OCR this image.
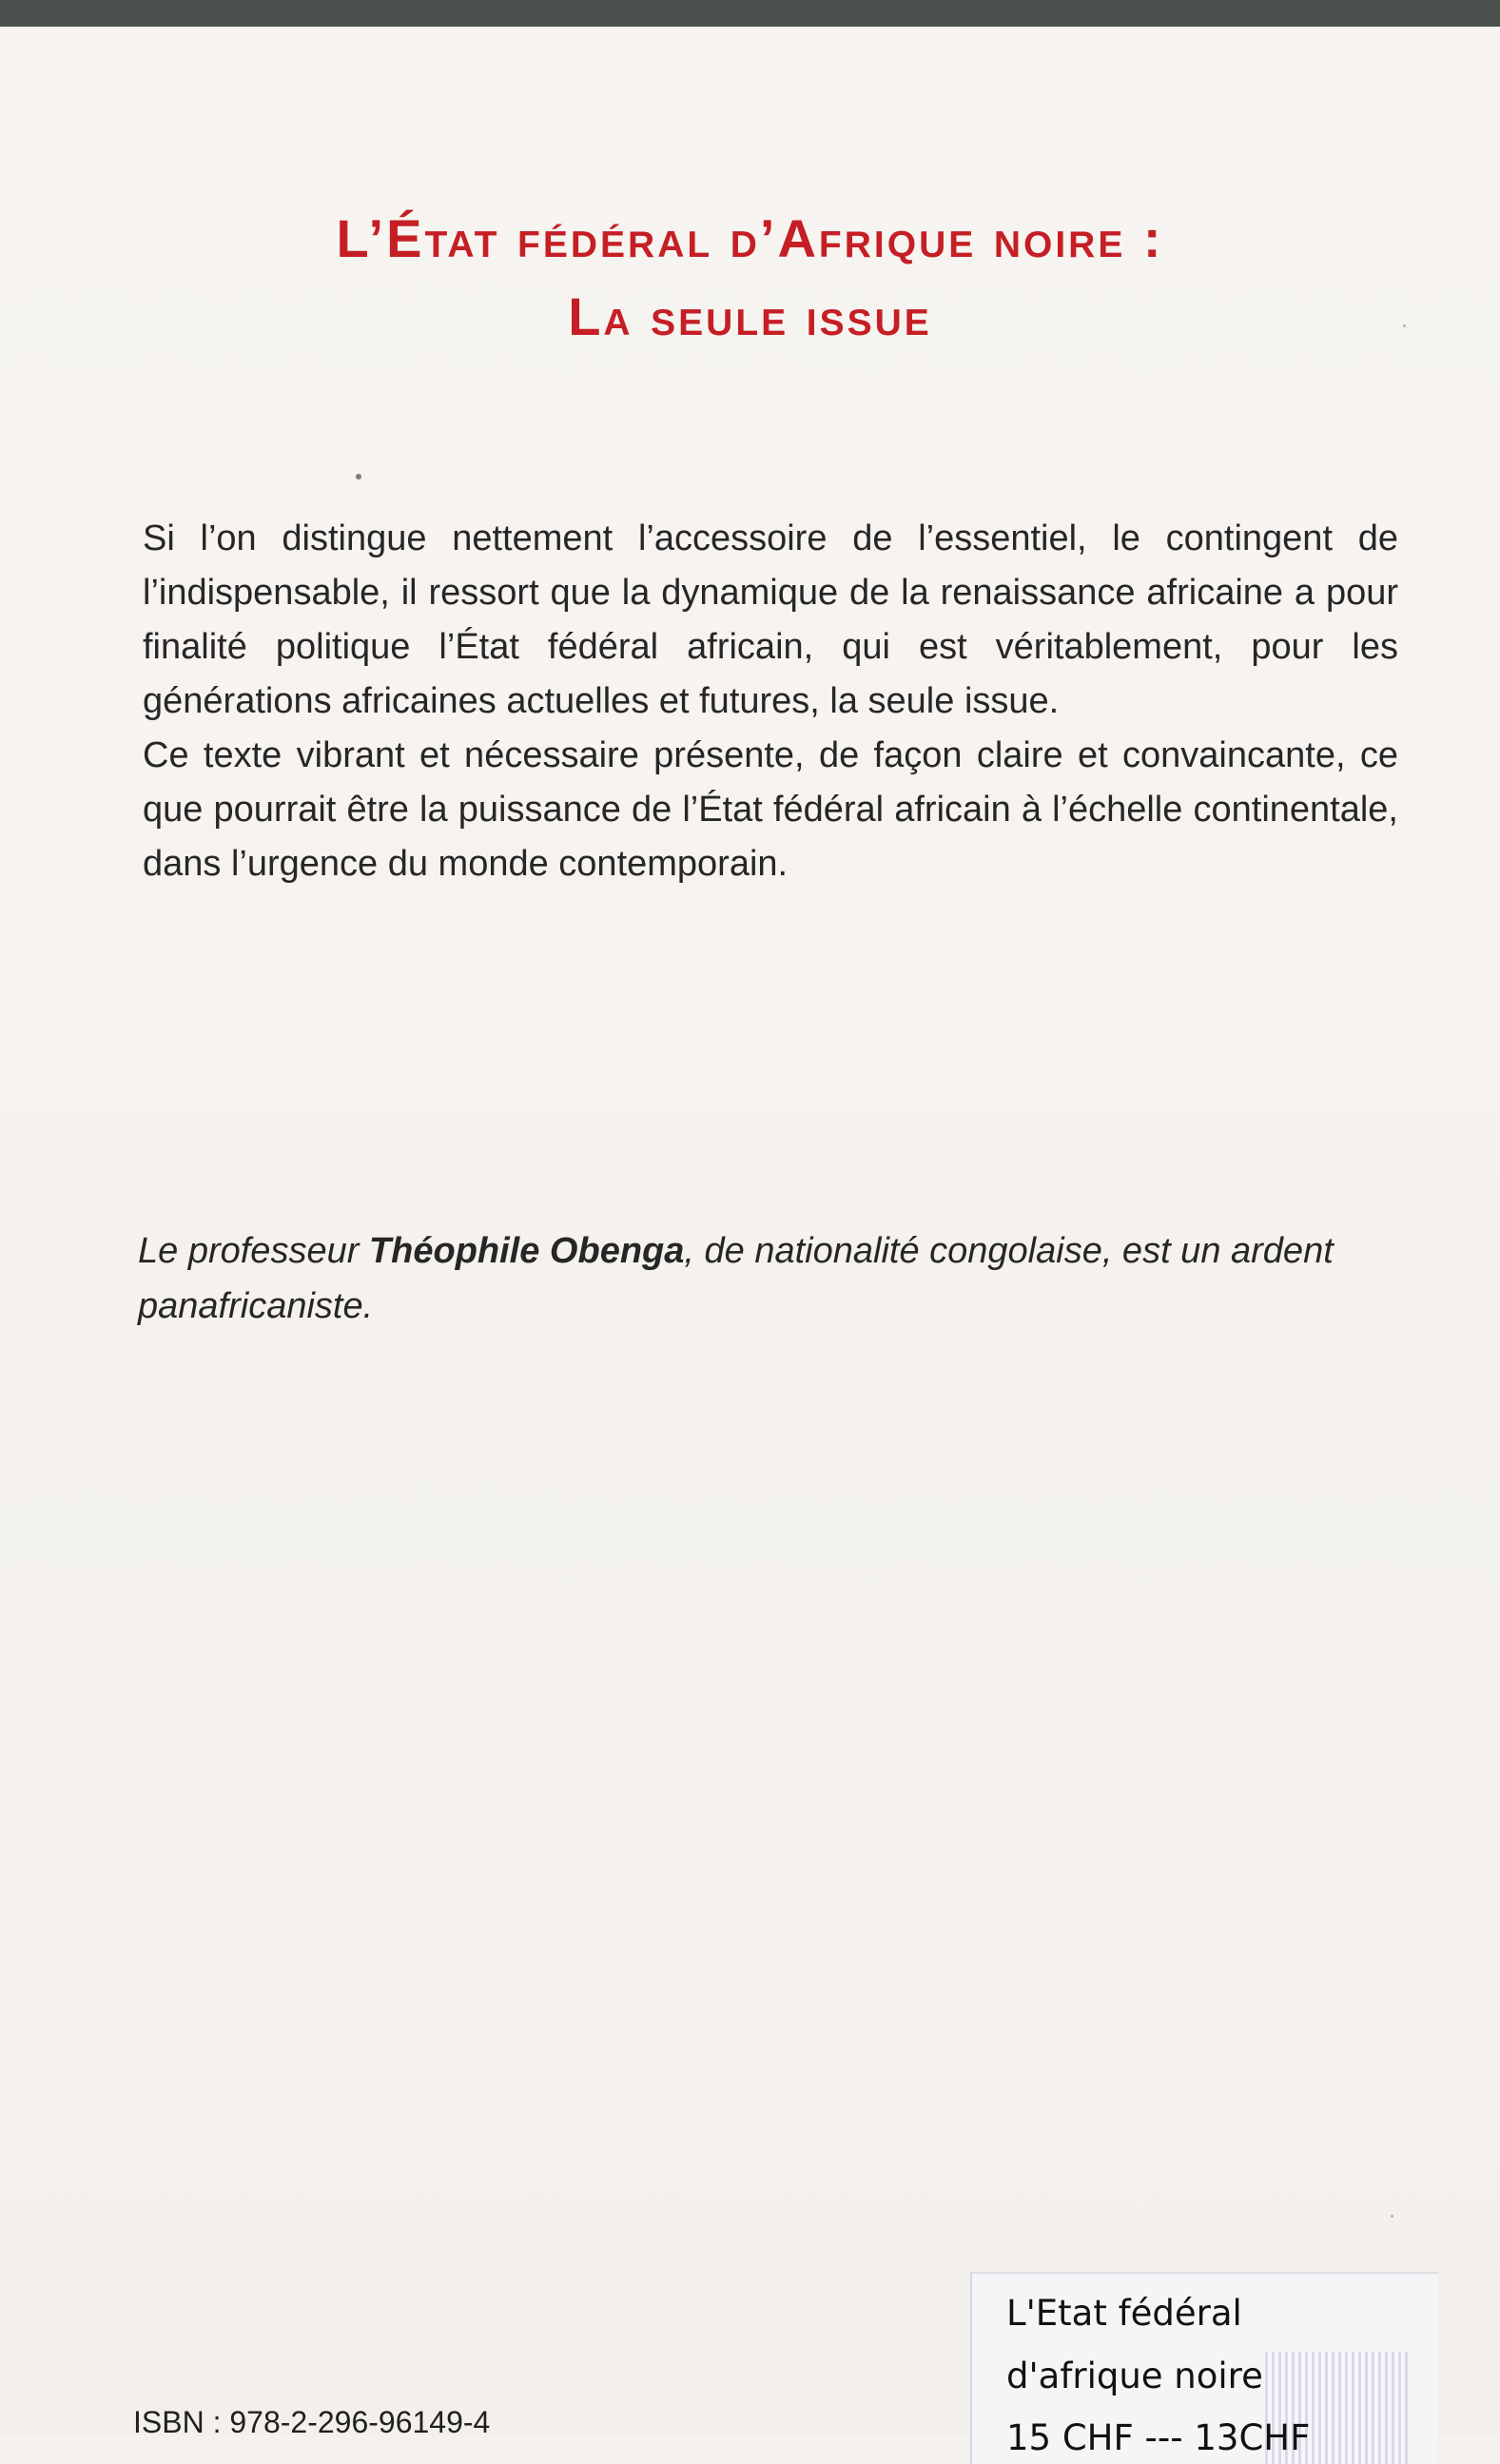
L’État fédéral d’Afrique noire :
La seule issue

Si l’on distingue nettement l’accessoire de l’essentiel, le contingent de l’indispensable, il ressort que la dynamique de la renaissance africaine a pour finalité politique l’État fédéral africain, qui est véritablement, pour les générations africaines actuelles et futures, la seule issue.

Ce texte vibrant et nécessaire présente, de façon claire et convaincante, ce que pourrait être la puissance de l’État fédéral africain à l’échelle continentale, dans l’urgence du monde contemporain.

Le professeur Théophile Obenga, de nationalité congolaise, est un ardent panafricaniste.
ISBN : 978-2-296-96149-4
L'Etat fédéral
d'afrique noire
15 CHF --- 13CHF
